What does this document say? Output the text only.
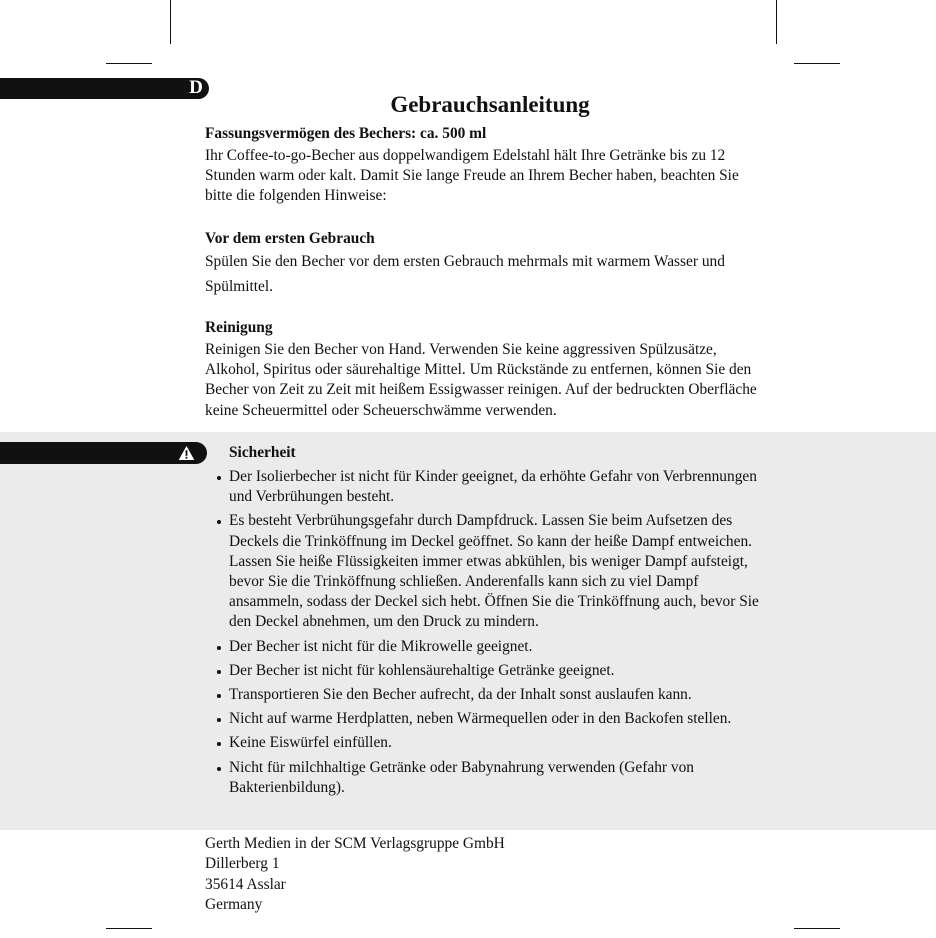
D
Gebrauchsanleitung
Fassungsvermögen des Bechers: ca. 500 ml

Ihr Coffee-to-go-Becher aus doppelwandigem Edelstahl hält Ihre Getränke bis zu 12 Stunden warm oder kalt. Damit Sie lange Freude an Ihrem Becher haben, beachten Sie bitte die folgenden Hinweise:

Vor dem ersten Gebrauch

Spülen Sie den Becher vor dem ersten Gebrauch mehrmals mit warmem Wasser und Spülmittel.

Reinigung

Reinigen Sie den Becher von Hand. Verwenden Sie keine aggressiven Spülzusätze, Alkohol, Spiritus oder säurehaltige Mittel. Um Rückstände zu entfernen, können Sie den Becher von Zeit zu Zeit mit heißem Essigwasser reinigen. Auf der bedruckten Oberfläche keine Scheuermittel oder Scheuerschwämme verwenden.

Sicherheit
Der Isolierbecher ist nicht für Kinder geeignet, da erhöhte Gefahr von Verbrennungen und Verbrühungen besteht.
Es besteht Verbrühungsgefahr durch Dampfdruck. Lassen Sie beim Aufsetzen des Deckels die Trinköffnung im Deckel geöffnet. So kann der heiße Dampf entweichen. Lassen Sie heiße Flüssigkeiten immer etwas abkühlen, bis weniger Dampf aufsteigt, bevor Sie die Trinköffnung schließen. Anderenfalls kann sich zu viel Dampf ansammeln, sodass der Deckel sich hebt. Öffnen Sie die Trinköffnung auch, bevor Sie den Deckel abnehmen, um den Druck zu mindern.
Der Becher ist nicht für die Mikrowelle geeignet.
Der Becher ist nicht für kohlensäurehaltige Getränke geeignet.
Transportieren Sie den Becher aufrecht, da der Inhalt sonst auslaufen kann.
Nicht auf warme Herdplatten, neben Wärmequellen oder in den Backofen stellen.
Keine Eiswürfel einfüllen.
Nicht für milchhaltige Getränke oder Babynahrung verwenden (Gefahr von Bakterienbildung).
Gerth Medien in der SCM Verlagsgruppe GmbH
Dillerberg 1
35614 Asslar
Germany
